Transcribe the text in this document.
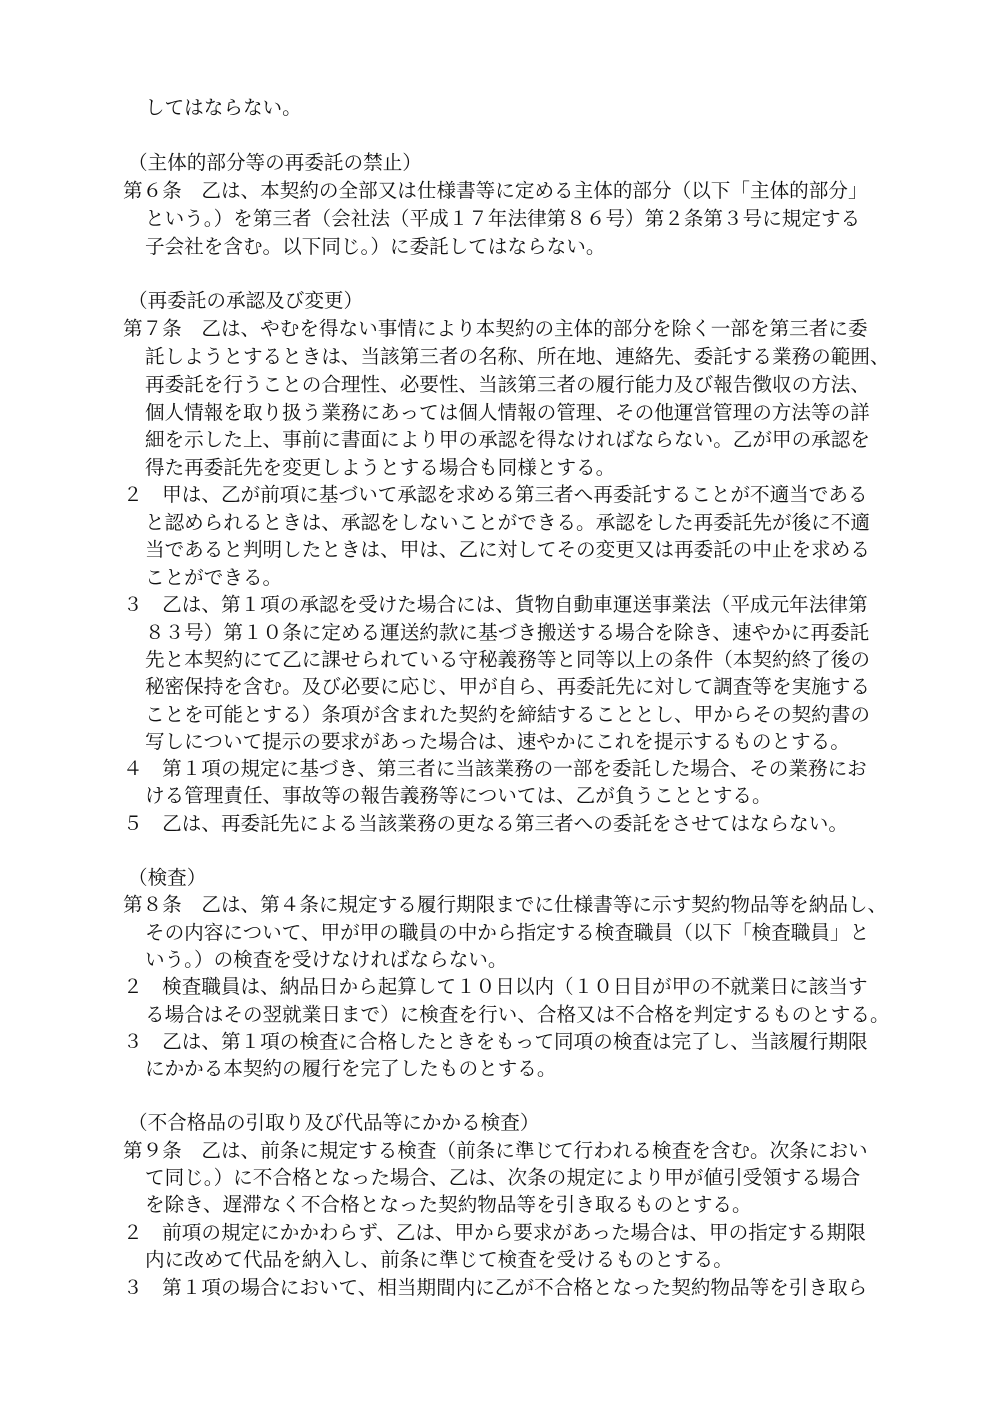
してはならない。
（主体的部分等の再委託の禁止）
第６条　乙は、本契約の全部又は仕様書等に定める主体的部分（以下「主体的部分」
という。）を第三者（会社法（平成１７年法律第８６号）第２条第３号に規定する
子会社を含む。以下同じ。）に委託してはならない。
（再委託の承認及び変更）
第７条　乙は、やむを得ない事情により本契約の主体的部分を除く一部を第三者に委
託しようとするときは、当該第三者の名称、所在地、連絡先、委託する業務の範囲、
再委託を行うことの合理性、必要性、当該第三者の履行能力及び報告徴収の方法、
個人情報を取り扱う業務にあっては個人情報の管理、その他運営管理の方法等の詳
細を示した上、事前に書面により甲の承認を得なければならない。乙が甲の承認を
得た再委託先を変更しようとする場合も同様とする。
２　甲は、乙が前項に基づいて承認を求める第三者へ再委託することが不適当である
と認められるときは、承認をしないことができる。承認をした再委託先が後に不適
当であると判明したときは、甲は、乙に対してその変更又は再委託の中止を求める
ことができる。
３　乙は、第１項の承認を受けた場合には、貨物自動車運送事業法（平成元年法律第
８３号）第１０条に定める運送約款に基づき搬送する場合を除き、速やかに再委託
先と本契約にて乙に課せられている守秘義務等と同等以上の条件（本契約終了後の
秘密保持を含む。及び必要に応じ、甲が自ら、再委託先に対して調査等を実施する
ことを可能とする）条項が含まれた契約を締結することとし、甲からその契約書の
写しについて提示の要求があった場合は、速やかにこれを提示するものとする。
４　第１項の規定に基づき、第三者に当該業務の一部を委託した場合、その業務にお
ける管理責任、事故等の報告義務等については、乙が負うこととする。
５　乙は、再委託先による当該業務の更なる第三者への委託をさせてはならない。
（検査）
第８条　乙は、第４条に規定する履行期限までに仕様書等に示す契約物品等を納品し、
その内容について、甲が甲の職員の中から指定する検査職員（以下「検査職員」と
いう。）の検査を受けなければならない。
２　検査職員は、納品日から起算して１０日以内（１０日目が甲の不就業日に該当す
る場合はその翌就業日まで）に検査を行い、合格又は不合格を判定するものとする。
３　乙は、第１項の検査に合格したときをもって同項の検査は完了し、当該履行期限
にかかる本契約の履行を完了したものとする。
（不合格品の引取り及び代品等にかかる検査）
第９条　乙は、前条に規定する検査（前条に準じて行われる検査を含む。次条におい
て同じ。）に不合格となった場合、乙は、次条の規定により甲が値引受領する場合
を除き、遅滞なく不合格となった契約物品等を引き取るものとする。
２　前項の規定にかかわらず、乙は、甲から要求があった場合は、甲の指定する期限
内に改めて代品を納入し、前条に準じて検査を受けるものとする。
３　第１項の場合において、相当期間内に乙が不合格となった契約物品等を引き取ら
